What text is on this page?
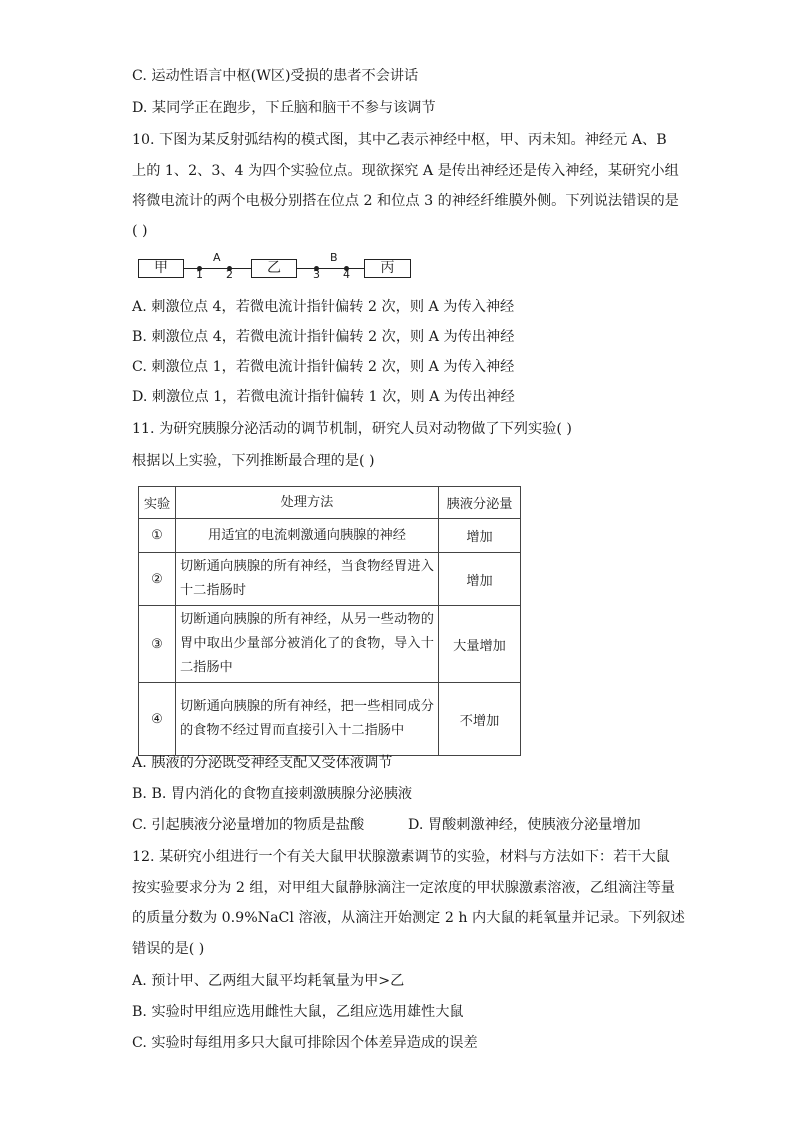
C. 运动性语言中枢(W区)受损的患者不会讲话
D. 某同学正在跑步，下丘脑和脑干不参与该调节
10. 下图为某反射弧结构的模式图，其中乙表示神经中枢，甲、丙未知。神经元 A、B
上的 1、2、3、4 为四个实验位点。现欲探究 A 是传出神经还是传入神经，某研究小组
将微电流计的两个电极分别搭在位点 2 和位点 3 的神经纤维膜外侧。下列说法错误的是
( )
甲
A
1 2	乙
B
3 4	丙
A. 刺激位点 4，若微电流计指针偏转 2 次，则 A 为传入神经
B. 刺激位点 4，若微电流计指针偏转 2 次，则 A 为传出神经
C. 刺激位点 1，若微电流计指针偏转 2 次，则 A 为传入神经
D. 刺激位点 1，若微电流计指针偏转 1 次，则 A 为传出神经
11. 为研究胰腺分泌活动的调节机制，研究人员对动物做了下列实验( )
根据以上实验，下列推断最合理的是( )
实验	处理方法	胰液分泌量
①	用适宜的电流刺激通向胰腺的神经	增加
②	切断通向胰腺的所有神经，当食物经胃进入十二指肠时	增加
③	切断通向胰腺的所有神经，从另一些动物的胃中取出少量部分被消化了的食物，导入十二指肠中	大量增加
④	切断通向胰腺的所有神经，把一些相同成分的食物不经过胃而直接引入十二指肠中	不增加
A. 胰液的分泌既受神经支配又受体液调节
B. B. 胃内消化的食物直接刺激胰腺分泌胰液
C. 引起胰液分泌量增加的物质是盐酸	D. 胃酸刺激神经，使胰液分泌量增加
12. 某研究小组进行一个有关大鼠甲状腺激素调节的实验，材料与方法如下：若干大鼠
按实验要求分为 2 组，对甲组大鼠静脉滴注一定浓度的甲状腺激素溶液，乙组滴注等量
的质量分数为 0.9%NaCl 溶液，从滴注开始测定 2 h 内大鼠的耗氧量并记录。下列叙述
错误的是( )
A. 预计甲、乙两组大鼠平均耗氧量为甲>乙
B. 实验时甲组应选用雌性大鼠，乙组应选用雄性大鼠
C. 实验时每组用多只大鼠可排除因个体差异造成的误差
